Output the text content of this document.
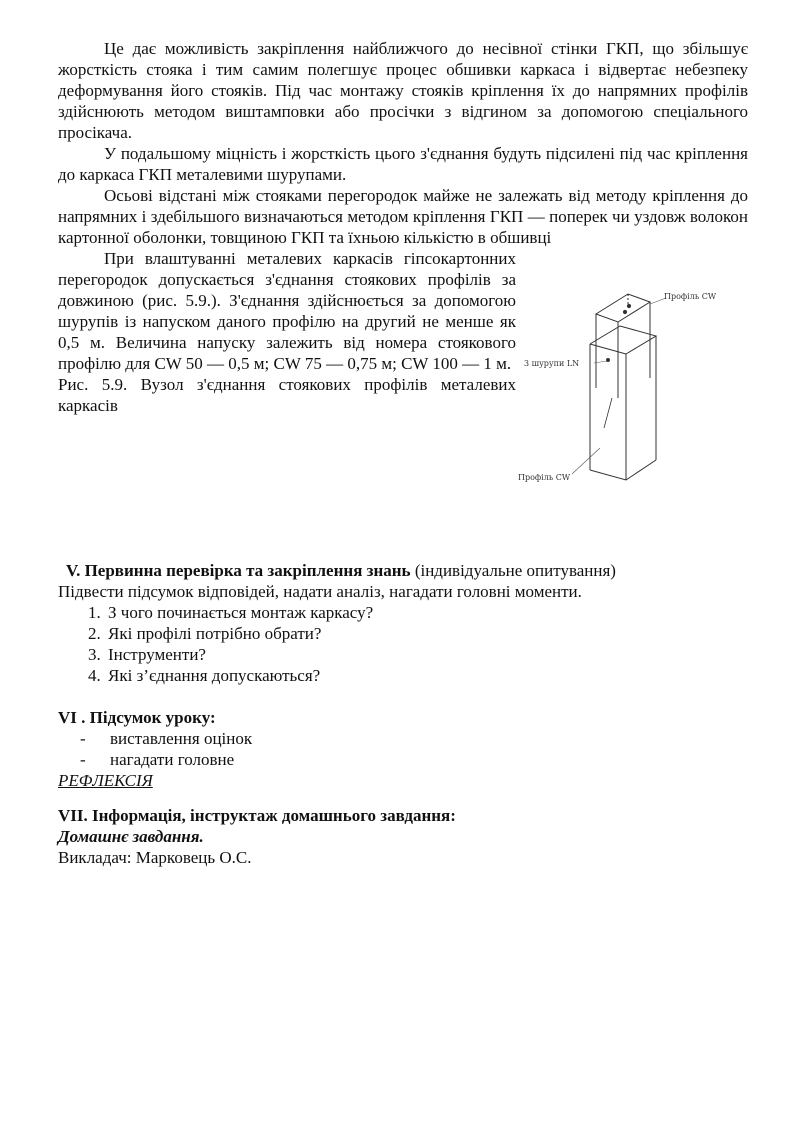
Це дає можливість закріплення найближчого до несівної стінки ГКП, що збільшує жорсткість стояка і тим самим полегшує процес обшивки каркаса і відвертає небезпеку деформування його стояків. Під час монтажу стояків кріплення їх до напрямних профілів здійснюють методом виштамповки або просічки з відгином за допомогою спеціального просікача.

У подальшому міцність і жорсткість цього з'єднання будуть підсилені під час кріплення до каркаса ГКП металевими шурупами.

Осьові відстані між стояками перегородок майже не залежать від методу кріплення до напрямних і здебільшого визначаються методом кріплення ГКП — поперек чи уздовж волокон картонної оболонки, товщиною ГКП та їхньою кількістю в обшивці

При влаштуванні металевих каркасів гіпсокартонних перегородок допускається з'єднання стоякових профілів за довжиною (рис. 5.9.). З'єднання здійснюється за допомогою шурупів із напуском даного профілю на другий не менше як 0,5 м. Величина напуску залежить від номера стоякового профілю для CW 50 — 0,5 м; CW 75 — 0,75 м; CW 100 — 1 м.

Рис. 5.9. Вузол з'єднання стоякових профілів металевих каркасів

Профіль CW
3 шурупи LN
Профіль CW
V. Первинна перевірка та закріплення знань (індивідуальне опитування)

Підвести підсумок відповідей, надати аналіз, нагадати головні моменти.

1. З чого починається монтаж каркасу?
2. Які профілі потрібно обрати?
3. Інструменти?
4. Які з’єднання допускаються?
VI . Підсумок уроку:
-	виставлення оцінок
-	нагадати головне
РЕФЛЕКСІЯ
VII. Інформація, інструктаж домашнього завдання:
Домашнє завдання.
Викладач: Марковець О.С.
